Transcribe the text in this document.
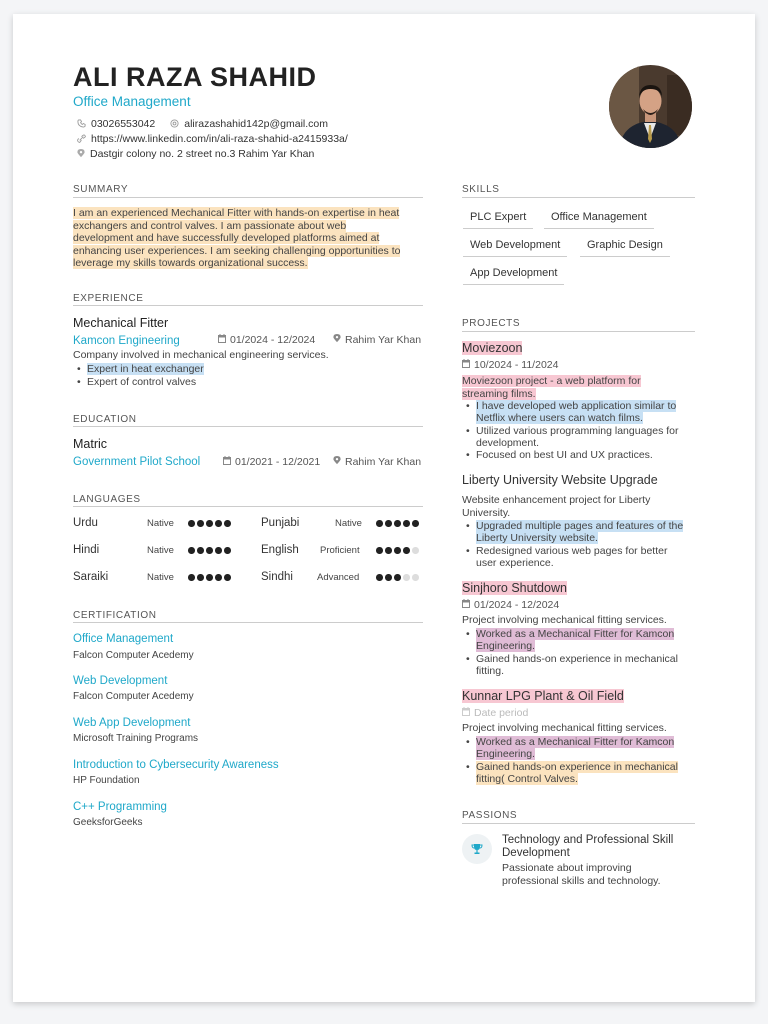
ALI RAZA SHAHID
Office Management
03026553042	alirazashahid142p@gmail.com
https://www.linkedin.com/in/ali-raza-shahid-a2415933a/
Dastgir colony no. 2 street no.3 Rahim Yar Khan
SUMMARY
I am an experienced Mechanical Fitter with hands-on expertise in heat
exchangers and control valves. I am passionate about web
development and have successfully developed platforms aimed at
enhancing user experiences. I am seeking challenging opportunities to
leverage my skills towards organizational success.
EXPERIENCE
Mechanical Fitter
Kamcon Engineering	01/2024 - 12/2024	Rahim Yar Khan
Company involved in mechanical engineering services.
• Expert in heat exchanger
• Expert of control valves
EDUCATION
Matric
Government Pilot School	01/2021 - 12/2021 Rahim Yar Khan
LANGUAGES
Urdu	Native	Punjabi	Native
Hindi	Native	English Proficient
Saraiki	Native	Sindhi	Advanced
CERTIFICATION
Office Management
Falcon Computer Acedemy
Web Development
Falcon Computer Acedemy
Web App Development
Microsoft Training Programs
Introduction to Cybersecurity Awareness
HP Foundation
C++ Programming
GeeksforGeeks
SKILLS
PLC Expert	Office Management
Web Development	Graphic Design
App Development
PROJECTS
Moviezoon
10/2024 - 11/2024
Moviezoon project - a web platform for
streaming films.
• I have developed web application similar to
Netflix where users can watch films.
• Utilized various programming languages for
development.
• Focused on best UI and UX practices.
Liberty University Website Upgrade
Website enhancement project for Liberty
University.
• Upgraded multiple pages and features of the
Liberty University website.
• Redesigned various web pages for better
user experience.
Sinjhoro Shutdown
01/2024 - 12/2024
Project involving mechanical fitting services.
• Worked as a Mechanical Fitter for Kamcon
Engineering.
• Gained hands-on experience in mechanical
fitting.
Kunnar LPG Plant & Oil Field
Date period
Project involving mechanical fitting services.
• Worked as a Mechanical Fitter for Kamcon
Engineering.
• Gained hands-on experience in mechanical
fitting( Control Valves.
PASSIONS
Technology and Professional Skill
Development
Passionate about improving
professional skills and technology.
